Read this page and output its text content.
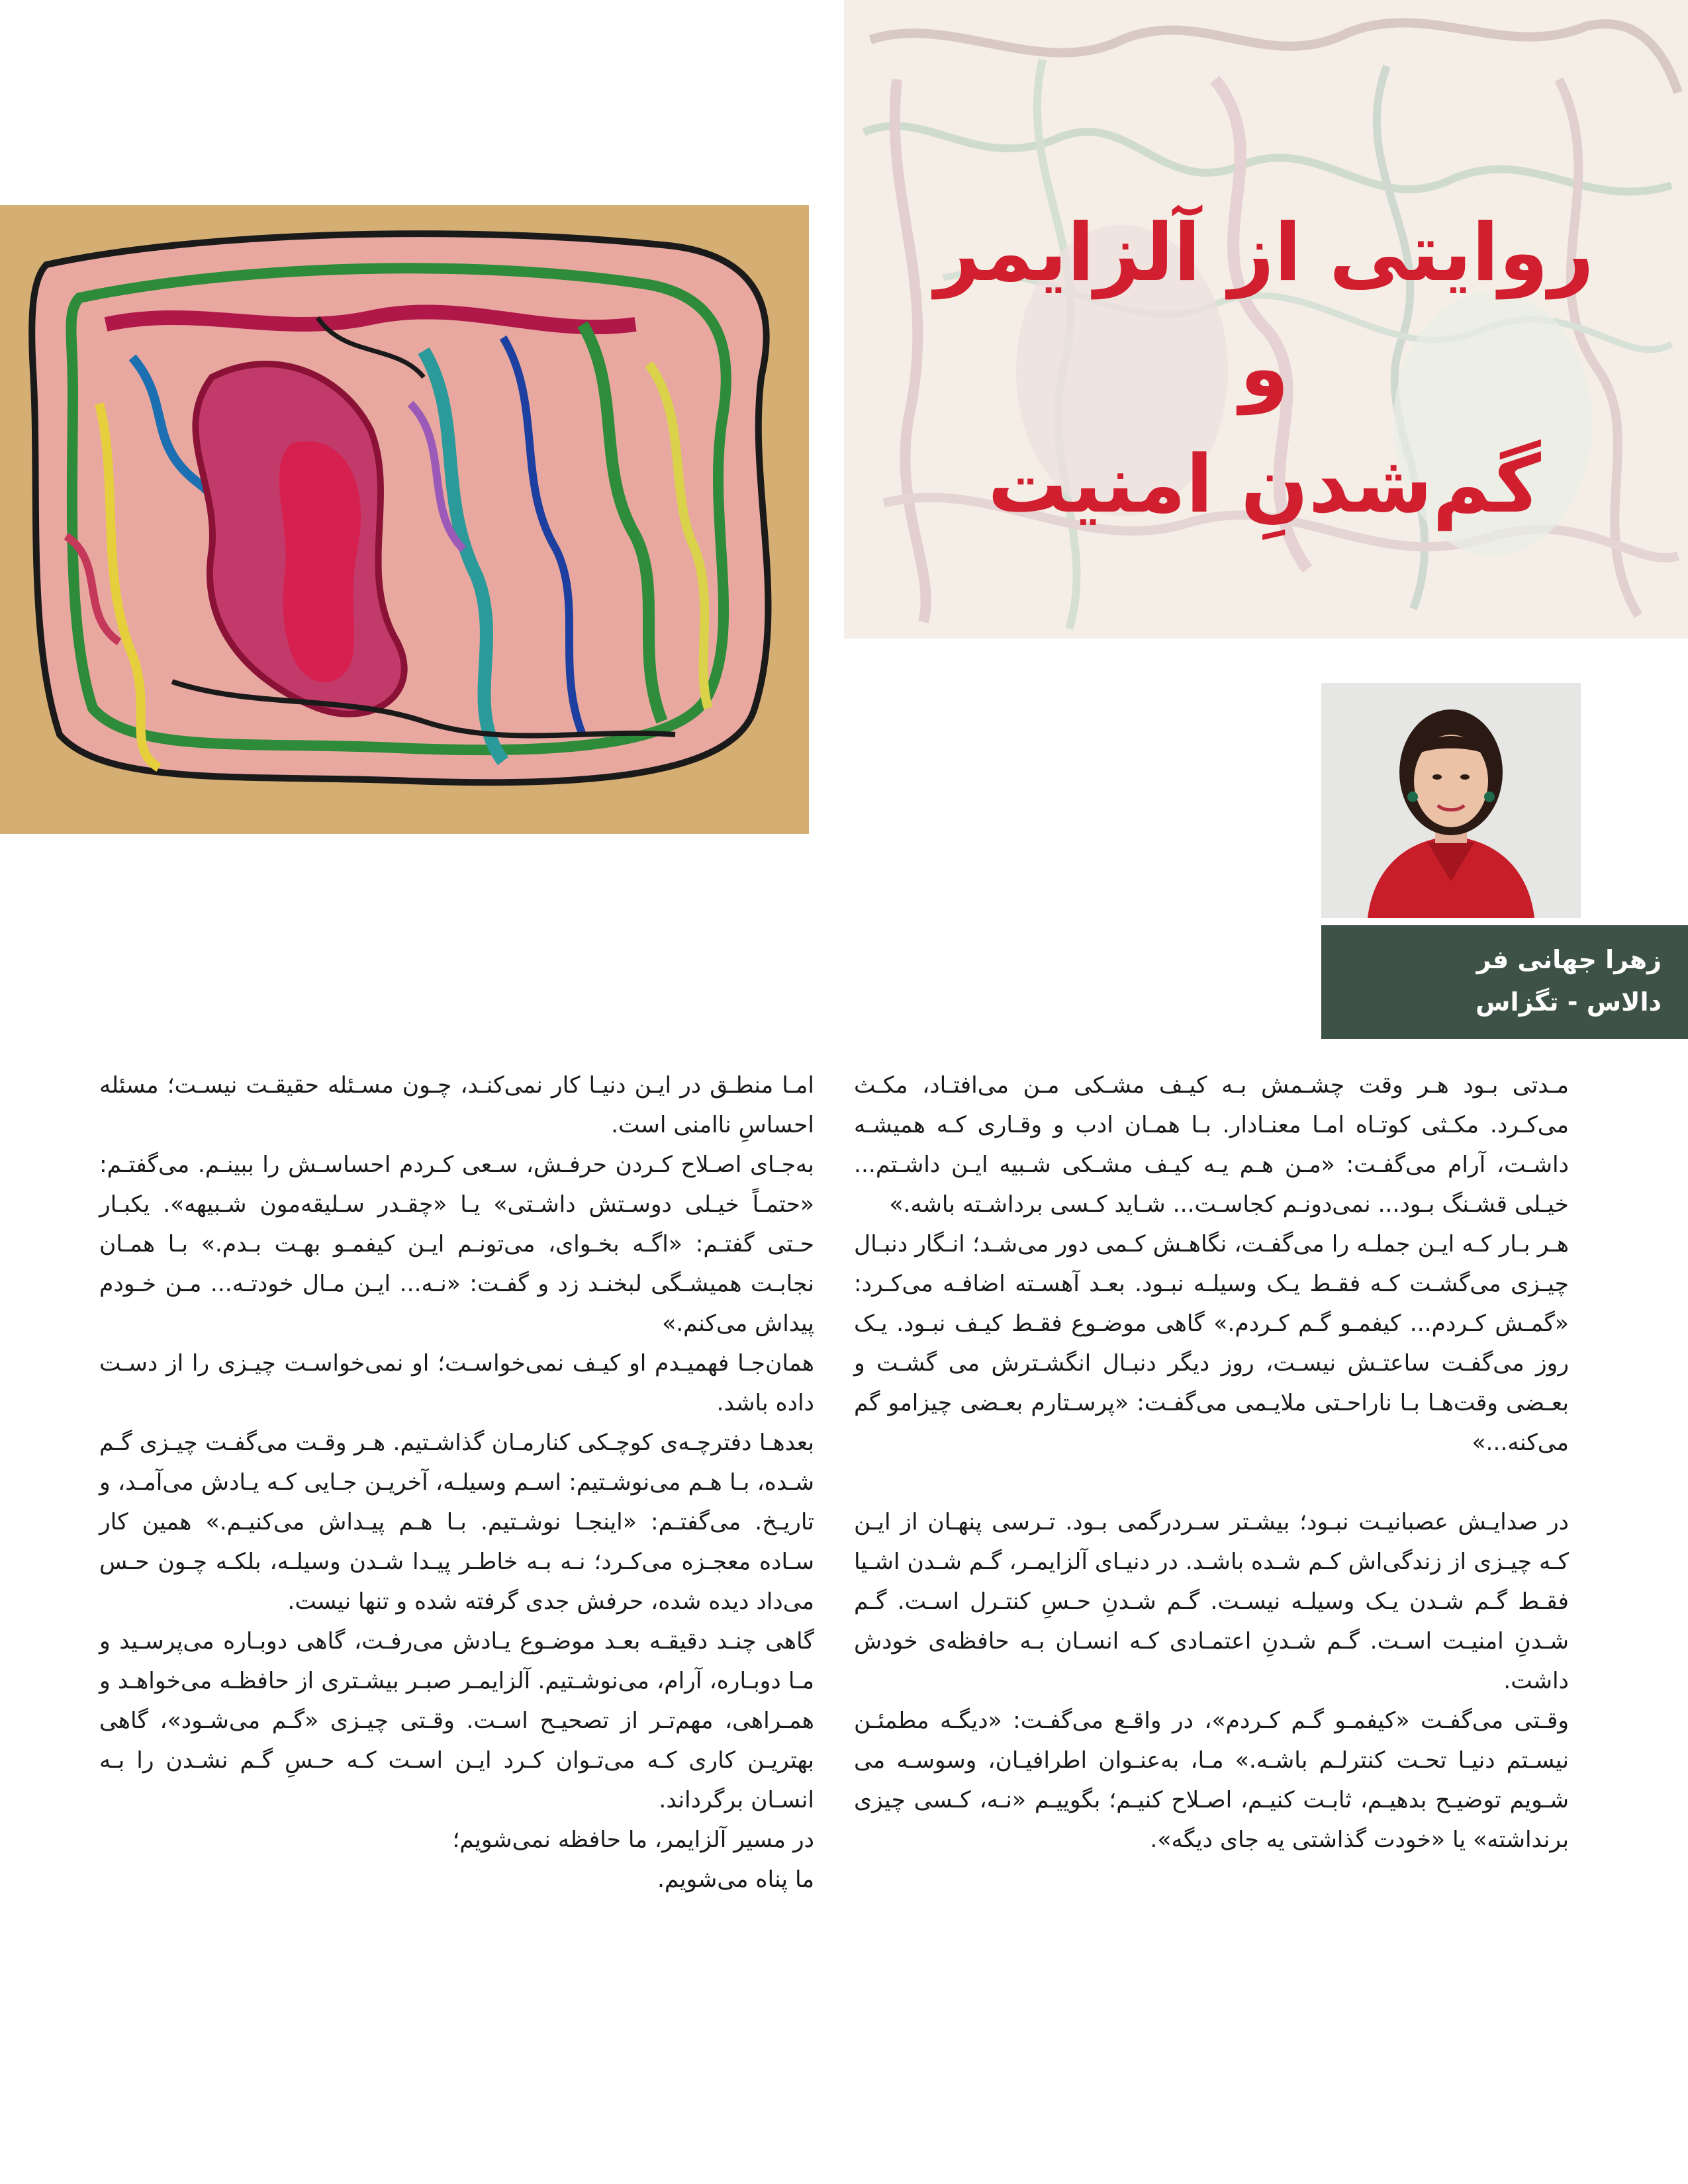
روایتی از آلزایمر
و
گم‌شدنِ امنیت
زهرا جهانی فر
دالاس - تگزاس

مـدتی بـود هـر وقت چشـمش بـه کیـف مشـکی مـن می‌افتـاد، مکـث می‌کـرد. مکـثی کوتـاه امـا معنـادار. بـا همـان ادب و وقـاری کـه همیشـه داشـت، آرام می‌گفـت: «مـن هـم یـه کیـف مشـکی شـبیه ایـن داشـتم... خیـلی قشـنگ بـود... نمی‌دونـم کجاسـت... شـاید کـسی برداشـته باشه.»

هـر بـار کـه ایـن جملـه را می‌گفـت، نگاهـش کـمی دور می‌شـد؛ انـگار دنبـال چیـزی می‌گشـت کـه فقـط یـک وسیلـه نبـود. بعـد آهسـته اضافـه می‌کـرد: «گمـش کـردم... کیفمـو گـم کـردم.» گاهی موضـوع فقـط کیـف نبـود. یـک روز می‌گفـت ساعتـش نیسـت، روز دیگر دنبـال انگشـترش می گشـت و بعـضی وقت‌هـا بـا ناراحـتی ملایـمی می‌گفـت: «پرسـتارم بعـضی چیزامو گم می‌کنه...»

در صدایـش عصبانیـت نبـود؛ بیشـتر سـردرگمی بـود. تـرسی پنهـان از ایـن کـه چیـزی از زندگی‌اش کـم شـده باشـد. در دنیـای آلزایمـر، گـم شـدن اشـیا فقـط گـم شـدن یـک وسیلـه نیسـت. گـم شـدنِ حـسِ کنتـرل اسـت. گـم شـدنِ امنیـت اسـت. گـم شـدنِ اعتمـادی کـه انسـان بـه حافظه‌ی خودش داشت.

وقـتی می‌گفـت «کیفمـو گـم کـردم»، در واقـع می‌گفـت: «دیگـه مطمئـن نیسـتم دنیـا تحـت کنترلـم باشـه.» مـا، به‌عنـوان اطرافیـان، وسوسـه می شـویم توضیـح بدهیـم، ثابـت کنیـم، اصـلاح کنیـم؛ بگوییـم «نـه، کـسی چیزی برنداشته» یا «خودت گذاشتی یه جای دیگه».

امـا منطـق در ایـن دنیـا کار نمی‌کنـد، چـون مسـئله حقیقـت نیسـت؛ مسئله احساسِ ناامنی است.

به‌جـای اصـلاح کـردن حرفـش، سـعی کـردم احساسـش را ببینـم. می‌گفتـم: «حتمـاً خیـلی دوسـتش داشـتی» یـا «چقـدر سـلیقه‌مون شـبیهه». یکبـار حـتی گفتـم: «اگـه بخـوای، می‌تونـم ایـن کیفمـو بهـت بـدم.» بـا همـان نجابـت همیشـگی لبخنـد زد و گفـت: «نـه... ایـن مـال خودتـه... مـن خـودم پیداش می‌کنم.»

همان‌جـا فهمیـدم او کیـف نمی‌خواسـت؛ او نمی‌خواسـت چیـزی را از دسـت داده باشد.

بعدهـا دفترچـه‌ی کوچـکی کنارمـان گذاشـتیم. هـر وقـت می‌گفـت چیـزی گـم شـده، بـا هـم می‌نوشـتیم: اسـم وسیلـه، آخریـن جـایی کـه یـادش می‌آمـد، و تاریـخ. می‌گفتـم: «اینجـا نوشـتیم. بـا هـم پیـداش می‌کنیـم.» همین کار سـاده معجـزه می‌کـرد؛ نـه بـه خاطـر پیـدا شـدن وسیلـه، بلکـه چـون حـس می‌داد دیده شده، حرفش جدی گرفته شده و تنها نیست.

گاهی چنـد دقیقـه بعـد موضـوع یـادش می‌رفـت، گاهی دوبـاره می‌پرسـید و مـا دوبـاره، آرام، می‌نوشـتیم. آلزایمـر صبـر بیشـتری از حافظـه می‌خواهـد و همـراهی، مهم‌تـر از تصحیـح اسـت. وقـتی چیـزی «گـم می‌شـود»، گاهی بهتریـن کاری کـه می‌تـوان کـرد ایـن اسـت کـه حـسِ گـم نشـدن را بـه انسـان برگرداند.

در مسیر آلزایمر، ما حافظه نمی‌شویم؛

ما پناه می‌شویم.
